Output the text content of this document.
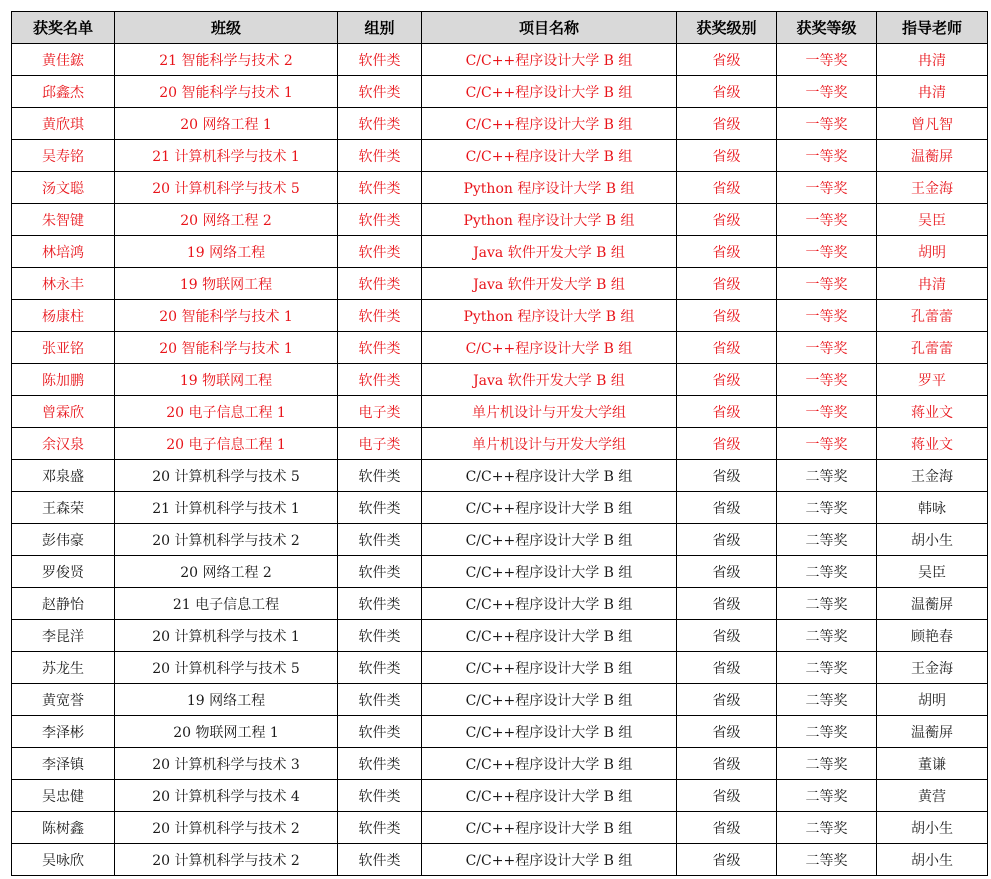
获奖名单	班级	组别	项目名称	获奖级别	获奖等级	指导老师
黄佳鋐	21 智能科学与技术 2	软件类	C/C++程序设计大学 B 组	省级	一等奖	冉清
邱鑫杰	20 智能科学与技术 1	软件类	C/C++程序设计大学 B 组	省级	一等奖	冉清
黄欣琪	20 网络工程 1	软件类	C/C++程序设计大学 B 组	省级	一等奖	曾凡智
吴寿铭	21 计算机科学与技术 1	软件类	C/C++程序设计大学 B 组	省级	一等奖	温蘅屏
汤文聪	20 计算机科学与技术 5	软件类	Python 程序设计大学 B 组	省级	一等奖	王金海
朱智键	20 网络工程 2	软件类	Python 程序设计大学 B 组	省级	一等奖	吴臣
林培鸿	19 网络工程	软件类	Java 软件开发大学 B 组	省级	一等奖	胡明
林永丰	19 物联网工程	软件类	Java 软件开发大学 B 组	省级	一等奖	冉清
杨康柱	20 智能科学与技术 1	软件类	Python 程序设计大学 B 组	省级	一等奖	孔蕾蕾
张亚铭	20 智能科学与技术 1	软件类	C/C++程序设计大学 B 组	省级	一等奖	孔蕾蕾
陈加鹏	19 物联网工程	软件类	Java 软件开发大学 B 组	省级	一等奖	罗平
曾霖欣	20 电子信息工程 1	电子类	单片机设计与开发大学组	省级	一等奖	蒋业文
余汉泉	20 电子信息工程 1	电子类	单片机设计与开发大学组	省级	一等奖	蒋业文
邓泉盛	20 计算机科学与技术 5	软件类	C/C++程序设计大学 B 组	省级	二等奖	王金海
王森荣	21 计算机科学与技术 1	软件类	C/C++程序设计大学 B 组	省级	二等奖	韩咏
彭伟豪	20 计算机科学与技术 2	软件类	C/C++程序设计大学 B 组	省级	二等奖	胡小生
罗俊贤	20 网络工程 2	软件类	C/C++程序设计大学 B 组	省级	二等奖	吴臣
赵静怡	21 电子信息工程	软件类	C/C++程序设计大学 B 组	省级	二等奖	温蘅屏
李昆洋	20 计算机科学与技术 1	软件类	C/C++程序设计大学 B 组	省级	二等奖	顾艳春
苏龙生	20 计算机科学与技术 5	软件类	C/C++程序设计大学 B 组	省级	二等奖	王金海
黄宽誉	19 网络工程	软件类	C/C++程序设计大学 B 组	省级	二等奖	胡明
李泽彬	20 物联网工程 1	软件类	C/C++程序设计大学 B 组	省级	二等奖	温蘅屏
李泽镇	20 计算机科学与技术 3	软件类	C/C++程序设计大学 B 组	省级	二等奖	董谦
吴忠健	20 计算机科学与技术 4	软件类	C/C++程序设计大学 B 组	省级	二等奖	黄营
陈树鑫	20 计算机科学与技术 2	软件类	C/C++程序设计大学 B 组	省级	二等奖	胡小生
吴咏欣	20 计算机科学与技术 2	软件类	C/C++程序设计大学 B 组	省级	二等奖	胡小生
